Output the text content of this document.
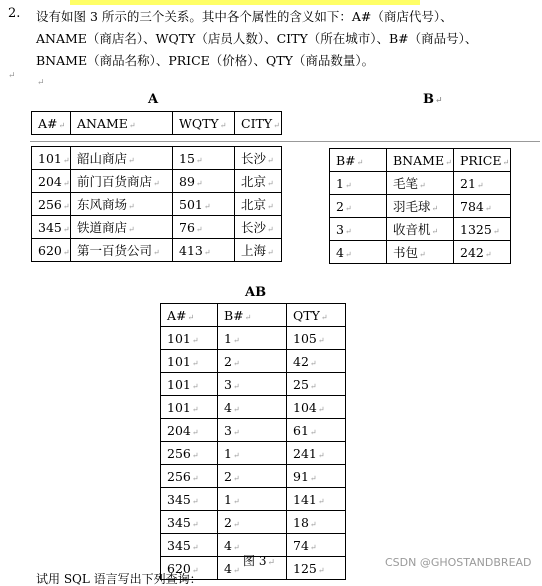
2. 设有如图 3 所示的三个关系。其中各个属性的含义如下：A#（商店代号）、
ANAME（商店名）、WQTY（店员人数）、CITY（所在城市）、B#（商品号）、
BNAME（商品名称）、PRICE（价格）、QTY（商品数量）。
↵

↵
A	B↵
A#↵	ANAME↵	WQTY↵	CITY↵
101↵	韶山商店↵	15↵	长沙↵
204↵	前门百货商店↵	89↵	北京↵
256↵	东风商场↵	501↵	北京↵
345↵	铁道商店↵	76↵	长沙↵
620↵	第一百货公司↵	413↵	上海↵
B#↵	BNAME↵	PRICE↵
1↵	毛笔↵	21↵
2↵	羽毛球↵	784↵
3↵	收音机↵	1325↵
4↵	书包↵	242↵
AB
A#↵	B#↵	QTY↵
101↵	1↵	105↵
101↵	2↵	42↵
101↵	3↵	25↵
101↵	4↵	104↵
204↵	3↵	61↵
256↵	1↵	241↵
256↵	2↵	91↵
345↵	1↵	141↵
345↵	2↵	18↵
345↵	4↵	74↵
620↵	4↵	125↵
图 3↵	CSDN @GHOSTANDBREAD
试用 SQL 语言写出下列查询：
